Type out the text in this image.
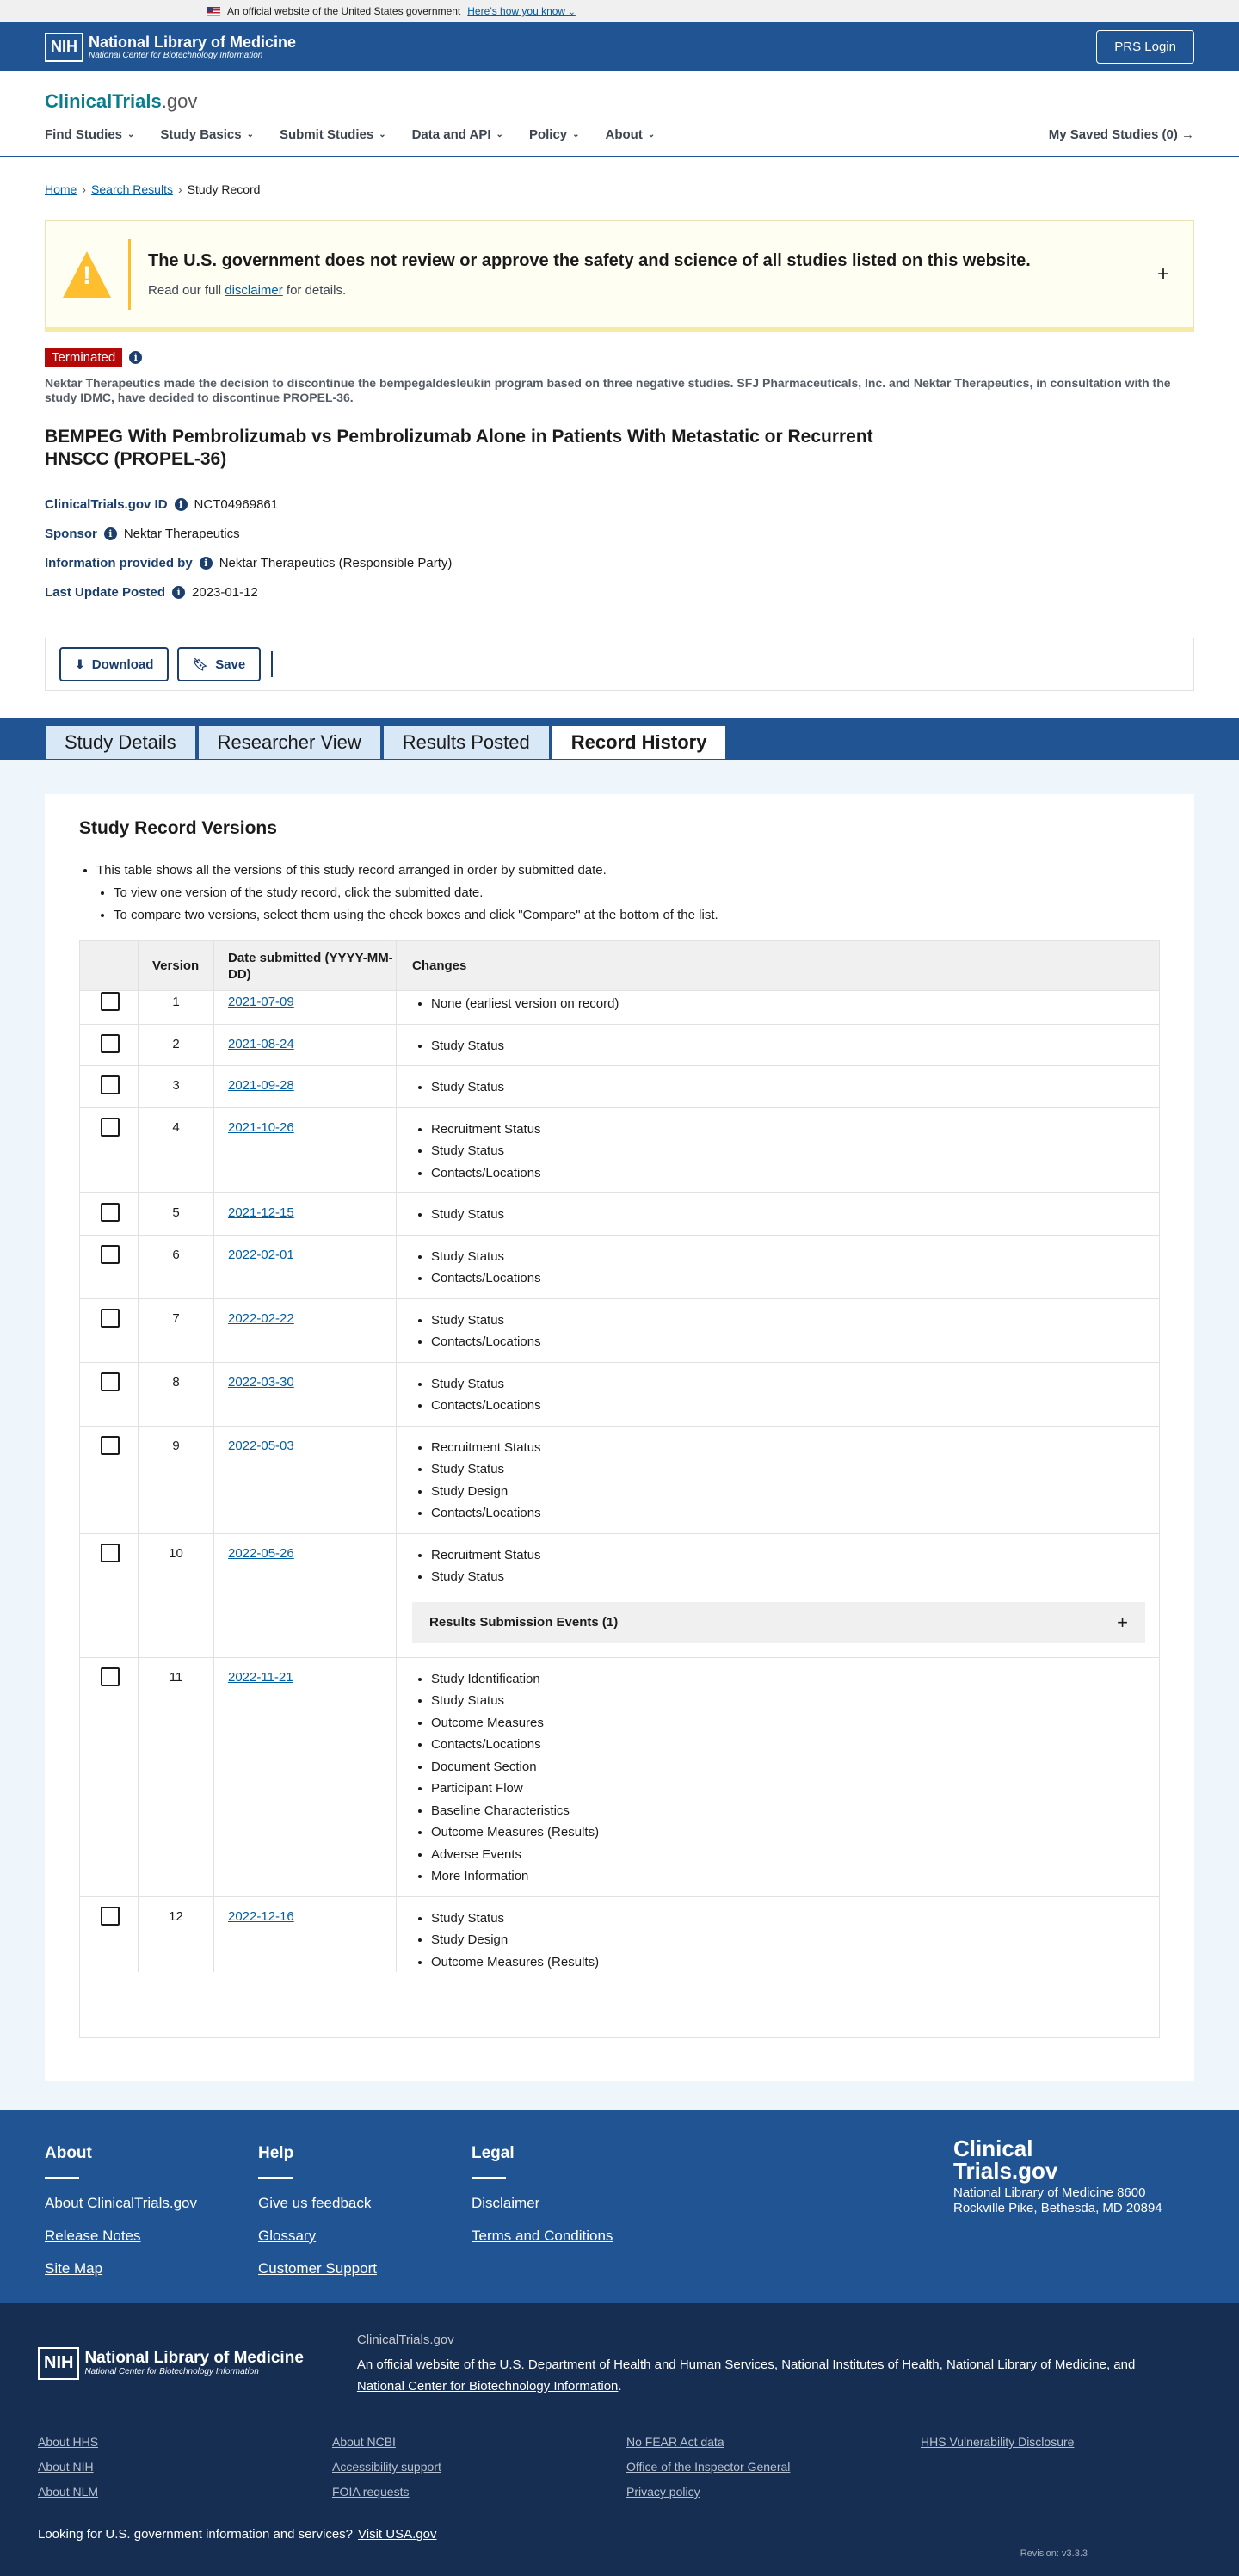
An official website of the United States government Here’s how you know ⌄
NIH National Library of Medicine
National Center for Biotechnology Information
PRS Login
ClinicalTrials.gov
Find Studies ⌄ Study Basics ⌄ Submit Studies ⌄ Data and API ⌄ Policy ⌄ About ⌄	My Saved Studies (0) →
Home › Search Results › Study Record
!
The U.S. government does not review or approve the safety and science of all studies listed on this website.
Read our full disclaimer for details.
+
Terminated	i
Nektar Therapeutics made the decision to discontinue the bempegaldesleukin program based on three negative studies. SFJ Pharmaceuticals, Inc. and Nektar Therapeutics, in consultation with the study IDMC, have decided to discontinue PROPEL-36.
BEMPEG With Pembrolizumab vs Pembrolizumab Alone in Patients With Metastatic or Recurrent HNSCC (PROPEL-36)
ClinicalTrials.gov ID	i NCT04969861
Sponsor	i Nektar Therapeutics
Information provided by	i Nektar Therapeutics (Responsible Party)
Last Update Posted	i 2023-01-12
⬇ Download	🔖︎ Save
Study Details	Researcher View	Results Posted	Record History
Study Record Versions
• This table shows all the versions of this study record arranged in order by submitted date.
• To view one version of the study record, click the submitted date.
• To compare two versions, select them using the check boxes and click "Compare" at the bottom of the list.
Version
Date submitted (YYYY-MM-DD)
Changes
1	2021-07-09	• None (earliest version on record)
2	2021-08-24	• Study Status
3	2021-09-28	• Study Status
4	2021-10-26	• Recruitment Status
• Study Status
• Contacts/Locations
5	2021-12-15	• Study Status
6	2022-02-01	• Study Status
• Contacts/Locations
7	2022-02-22	• Study Status
• Contacts/Locations
8	2022-03-30	• Study Status
• Contacts/Locations
9	2022-05-03	• Recruitment Status
• Study Status
• Study Design
• Contacts/Locations
10	2022-05-26	• Recruitment Status
• Study Status
Results Submission Events (1)	+
11	2022-11-21	• Study Identification
• Study Status
• Outcome Measures
• Contacts/Locations
• Document Section
• Participant Flow
• Baseline Characteristics
• Outcome Measures (Results)
• Adverse Events
• More Information
12	2022-12-16	• Study Status
• Study Design
• Outcome Measures (Results)
About
About ClinicalTrials.gov
Release Notes
Site Map
Help
Give us feedback
Glossary
Customer Support
Legal
Disclaimer
Terms and Conditions
Clinical
Trials.gov
National Library of Medicine 8600 Rockville Pike, Bethesda, MD 20894
NIH National Library of Medicine
National Center for Biotechnology Information
ClinicalTrials.gov
An official website of the U.S. Department of Health and Human Services, National Institutes of Health, National Library of Medicine, and National Center for Biotechnology Information.
About HHS
About NIH
About NLM
About NCBI
Accessibility support
FOIA requests
No FEAR Act data
Office of the Inspector General
Privacy policy
HHS Vulnerability Disclosure
Looking for U.S. government information and services? Visit USA.gov
Revision: v3.3.3
